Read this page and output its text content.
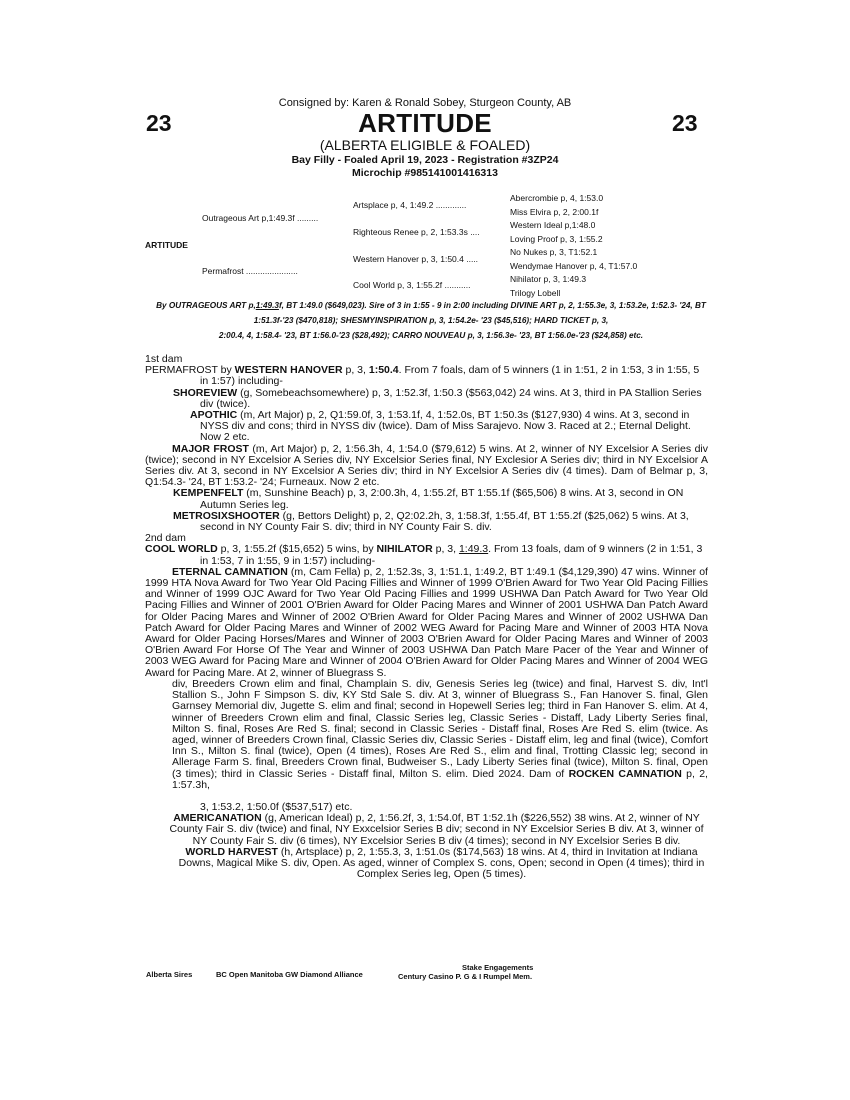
Consigned by: Karen & Ronald Sobey, Sturgeon County, AB
23	23
ARTITUDE
(ALBERTA ELIGIBLE & FOALED)
Bay Filly - Foaled April 19, 2023 - Registration #3ZP24
Microchip #985141001416313
ARTITUDE
Outrageous Art p,1:49.3f .........
Permafrost ......................
Artsplace p, 4, 1:49.2 .............
Righteous Renee p, 2, 1:53.3s ....
Western Hanover p, 3, 1:50.4 .....
Cool World p, 3, 1:55.2f ...........
Abercrombie p, 4, 1:53.0
Miss Elvira p, 2, 2:00.1f
Western Ideal p,1:48.0
Loving Proof p, 3, 1:55.2
No Nukes p, 3, T1:52.1
Wendymae Hanover p, 4, T1:57.0
Nihilator p, 3, 1:49.3
Trilogy Lobell
By OUTRAGEOUS ART p,1:49.3f, BT 1:49.0 ($649,023). Sire of 3 in 1:55 - 9 in 2:00 including DIVINE ART p, 2, 1:55.3e, 3, 1:53.2e, 1:52.3- '24, BT 1:51.3f-'23 ($470,818); SHESMYINSPIRATION p, 3, 1:54.2e- '23 ($45,516); HARD TICKET p, 3,
2:00.4, 4, 1:58.4- '23, BT 1:56.0-'23 ($28,492); CARRO NOUVEAU p, 3, 1:56.3e- '23, BT 1:56.0e-'23 ($24,858) etc.

1st dam

PERMAFROST by WESTERN HANOVER p, 3, 1:50.4. From 7 foals, dam of 5 winners (1 in 1:51, 2 in 1:53, 3 in 1:55, 5 in 1:57) including-

SHOREVIEW (g, Somebeachsomewhere) p, 3, 1:52.3f, 1:50.3 ($563,042) 24 wins. At 3, third in PA Stallion Series div (twice).

APOTHIC (m, Art Major) p, 2, Q1:59.0f, 3, 1:53.1f, 4, 1:52.0s, BT 1:50.3s ($127,930) 4 wins. At 3, second in NYSS div and cons; third in NYSS div (twice). Dam of Miss Sarajevo. Now 3. Raced at 2.; Eternal Delight. Now 2 etc.

MAJOR FROST (m, Art Major) p, 2, 1:56.3h, 4, 1:54.0 ($79,612) 5 wins. At 2, winner of NY Excelsior A Series div (twice); second in NY Excelsior A Series div, NY Excelsior Series final, NY Exclesior A Series div; third in NY Excelsior A Series div. At 3, second in NY Excelsior A Series div; third in NY Excelsior A Series div (4 times). Dam of Belmar p, 3, Q1:54.3- '24, BT 1:53.2- '24; Furneaux. Now 2 etc.

KEMPENFELT (m, Sunshine Beach) p, 3, 2:00.3h, 4, 1:55.2f, BT 1:55.1f ($65,506) 8 wins. At 3, second in ON Autumn Series leg.

METROSIXSHOOTER (g, Bettors Delight) p, 2, Q2:02.2h, 3, 1:58.3f, 1:55.4f, BT 1:55.2f ($25,062) 5 wins. At 3, second in NY County Fair S. div; third in NY County Fair S. div.

2nd dam

COOL WORLD p, 3, 1:55.2f ($15,652) 5 wins, by NIHILATOR p, 3, 1:49.3. From 13 foals, dam of 9 winners (2 in 1:51, 3 in 1:53, 7 in 1:55, 9 in 1:57) including-

ETERNAL CAMNATION (m, Cam Fella) p, 2, 1:52.3s, 3, 1:51.1, 1:49.2, BT 1:49.1 ($4,129,390) 47 wins. Winner of 1999 HTA Nova Award for Two Year Old Pacing Fillies and Winner of 1999 O'Brien Award for Two Year Old Pacing Fillies and Winner of 1999 OJC Award for Two Year Old Pacing Fillies and 1999 USHWA Dan Patch Award for Two Year Old Pacing Fillies and Winner of 2001 O'Brien Award for Older Pacing Mares and Winner of 2001 USHWA Dan Patch Award for Older Pacing Mares and Winner of 2002 O'Brien Award for Older Pacing Mares and Winner of 2002 USHWA Dan Patch Award for Older Pacing Mares and Winner of 2002 WEG Award for Pacing Mare and Winner of 2003 HTA Nova Award for Older Pacing Horses/Mares and Winner of 2003 O'Brien Award for Older Pacing Mares and Winner of 2003 O'Brien Award For Horse Of The Year and Winner of 2003 USHWA Dan Patch Mare Pacer of the Year and Winner of 2003 WEG Award for Pacing Mare and Winner of 2004 O'Brien Award for Older Pacing Mares and Winner of 2004 WEG Award for Pacing Mare. At 2, winner of Bluegrass S.

div, Breeders Crown elim and final, Champlain S. div, Genesis Series leg (twice) and final, Harvest S. div, Int'l Stallion S., John F Simpson S. div, KY Std Sale S. div. At 3, winner of Bluegrass S., Fan Hanover S. final, Glen Garnsey Memorial div, Jugette S. elim and final; second in Hopewell Series leg; third in Fan Hanover S. elim. At 4, winner of Breeders Crown elim and final, Classic Series leg, Classic Series - Distaff, Lady Liberty Series final, Milton S. final, Roses Are Red S. final; second in Classic Series - Distaff final, Roses Are Red S. elim (twice. As aged, winner of Breeders Crown final, Classic Series div, Classic Series - Distaff elim, leg and final (twice), Comfort Inn S., Milton S. final (twice), Open (4 times), Roses Are Red S., elim and final, Trotting Classic leg; second in Allerage Farm S. final, Breeders Crown final, Budweiser S., Lady Liberty Series final (twice), Milton S. final, Open (3 times); third in Classic Series - Distaff final, Milton S. elim. Died 2024. Dam of ROCKEN CAMNATION p, 2, 1:57.3h,

3, 1:53.2, 1:50.0f ($537,517) etc.

AMERICANATION (g, American Ideal) p, 2, 1:56.2f, 3, 1:54.0f, BT 1:52.1h ($226,552) 38 wins. At 2, winner of NY County Fair S. div (twice) and final, NY Exxcelsior Series B div; second in NY Excelsior Series B div. At 3, winner of NY County Fair S. div (6 times), NY Excelsior Series B div (4 times); second in NY Excelsior Series B div.

WORLD HARVEST (h, Artsplace) p, 2, 1:55.3, 3, 1:51.0s ($174,563) 18 wins. At 4, third in Invitation at Indiana Downs, Magical Mike S. div, Open. As aged, winner of Complex S. cons, Open; second in Open (4 times); third in Complex Series leg, Open (5 times).

Alberta Sires	BC Open Manitoba GW Diamond Alliance
Stake Engagements
Century Casino P. G & I Rumpel Mem.
